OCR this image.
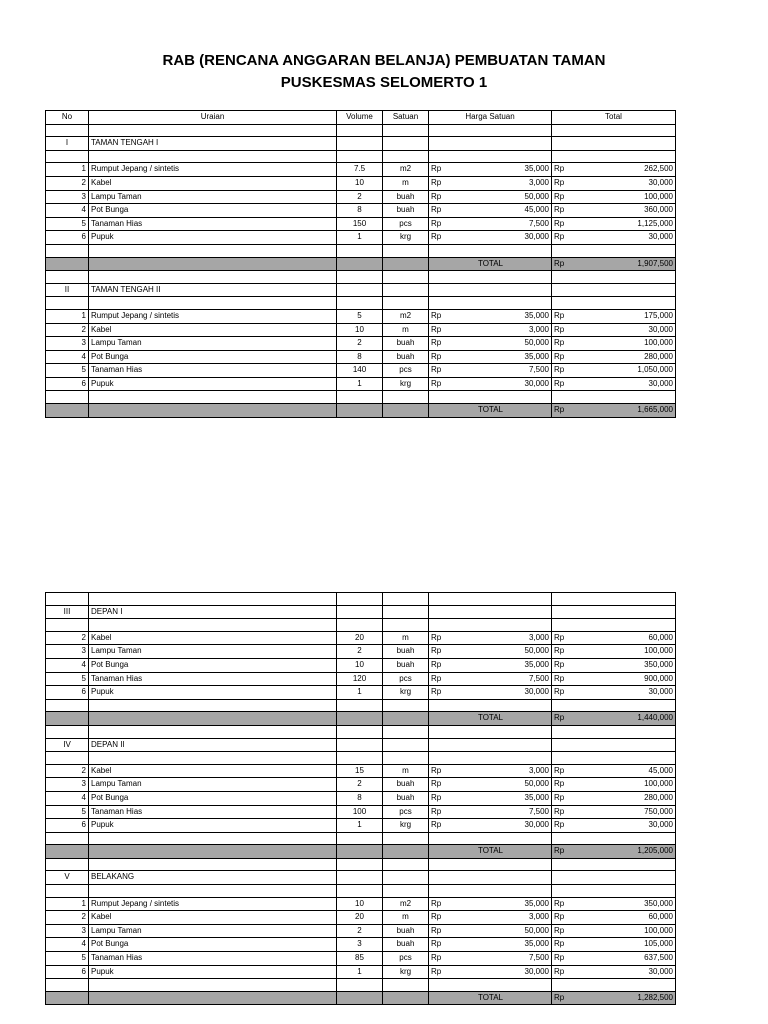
RAB (RENCANA ANGGARAN BELANJA) PEMBUATAN TAMAN
PUSKESMAS SELOMERTO 1
No	Uraian	Volume	Satuan	Harga Satuan	Total

I	TAMAN TENGAH I				

1	Rumput Jepang / sintetis	7.5	m2	Rp 35,000	Rp 262,500

2	Kabel	10	m	Rp 3,000	Rp 30,000

3	Lampu Taman	2	buah	Rp 50,000	Rp 100,000

4	Pot Bunga	8	buah	Rp 45,000	Rp 360,000

5	Tanaman Hias	150	pcs	Rp 7,500	Rp 1,125,000

6	Pupuk	1	krg	Rp 30,000	Rp 30,000

				TOTAL	Rp 1,907,500

II	TAMAN TENGAH II				

1	Rumput Jepang / sintetis	5	m2	Rp 35,000	Rp 175,000

2	Kabel	10	m	Rp 3,000	Rp 30,000

3	Lampu Taman	2	buah	Rp 50,000	Rp 100,000

4	Pot Bunga	8	buah	Rp 35,000	Rp 280,000

5	Tanaman Hias	140	pcs	Rp 7,500	Rp 1,050,000

6	Pupuk	1	krg	Rp 30,000	Rp 30,000

				TOTAL	Rp 1,665,000

III	DEPAN I				

2	Kabel	20	m	Rp 3,000	Rp 60,000

3	Lampu Taman	2	buah	Rp 50,000	Rp 100,000

4	Pot Bunga	10	buah	Rp 35,000	Rp 350,000

5	Tanaman Hias	120	pcs	Rp 7,500	Rp 900,000

6	Pupuk	1	krg	Rp 30,000	Rp 30,000

				TOTAL	Rp 1,440,000

IV	DEPAN II				

2	Kabel	15	m	Rp 3,000	Rp 45,000

3	Lampu Taman	2	buah	Rp 50,000	Rp 100,000

4	Pot Bunga	8	buah	Rp 35,000	Rp 280,000

5	Tanaman Hias	100	pcs	Rp 7,500	Rp 750,000

6	Pupuk	1	krg	Rp 30,000	Rp 30,000

				TOTAL	Rp 1,205,000

V	BELAKANG				

1	Rumput Jepang / sintetis	10	m2	Rp 35,000	Rp 350,000

2	Kabel	20	m	Rp 3,000	Rp 60,000

3	Lampu Taman	2	buah	Rp 50,000	Rp 100,000

4	Pot Bunga	3	buah	Rp 35,000	Rp 105,000

5	Tanaman Hias	85	pcs	Rp 7,500	Rp 637,500

6	Pupuk	1	krg	Rp 30,000	Rp 30,000

				TOTAL	Rp 1,282,500
